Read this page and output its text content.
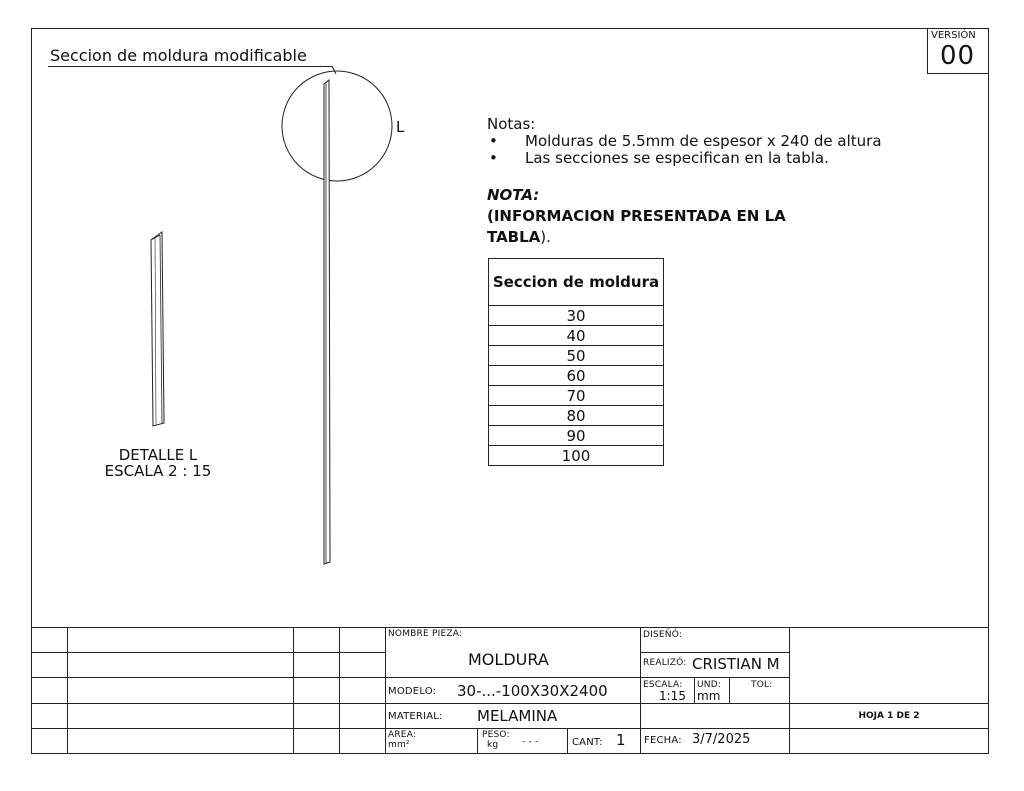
VERSIÓN
00
Seccion de moldura modificable
L
DETALLE L
ESCALA 2 : 15
Notas:
•	Molduras de 5.5mm de espesor x 240 de altura
•	Las secciones se especifican en la tabla.
NOTA:
(INFORMACION PRESENTADA EN LA TABLA).
Seccion de moldura
30
40
50
60
70
80
90
100
NOMBRE PIEZA:
MOLDURA
MODELO: 30-...-100X30X2400
MATERIAL: MELAMINA
AREA:
mm²
PESO:
kg	- - -	CANT: 1
DISEÑÓ:
REALIZÓ: CRISTIAN M
ESCALA:
1:15
UND:
mm
TOL:
FECHA: 3/7/2025
HOJA 1 DE 2
